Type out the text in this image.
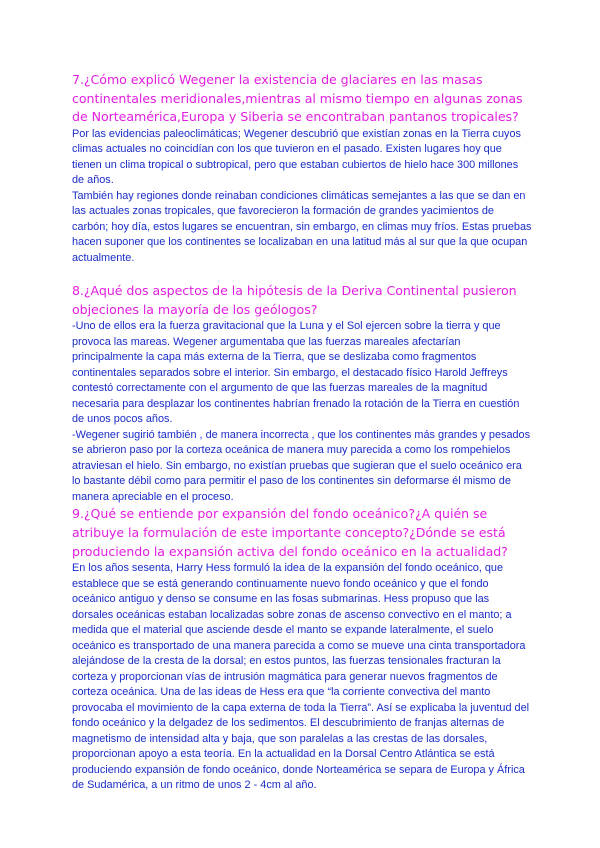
7.¿Cómo explicó Wegener la existencia de glaciares en las masas continentales meridionales,mientras al mismo tiempo en algunas zonas de Norteamérica,Europa y Siberia se encontraban pantanos tropicales?

Por las evidencias paleoclimáticas; Wegener descubrió que existían zonas en la Tierra cuyos climas actuales no coincidían con los que tuvieron en el pasado. Existen lugares hoy que tienen un clima tropical o subtropical, pero que estaban cubiertos de hielo hace 300 millones de años.

También hay regiones donde reinaban condiciones climáticas semejantes a las que se dan en las actuales zonas tropicales, que favorecieron la formación de grandes yacimientos de carbón; hoy día, estos lugares se encuentran, sin embargo, en climas muy fríos. Estas pruebas hacen suponer que los continentes se localizaban en una latitud más al sur que la que ocupan actualmente.

8.¿Aqué dos aspectos de la hipótesis de la Deriva Continental pusieron objeciones la mayoría de los geólogos?

-Uno de ellos era la fuerza gravitacional que la Luna y el Sol ejercen sobre la tierra y que provoca las mareas. Wegener argumentaba que las fuerzas mareales afectarían principalmente la capa más externa de la Tierra, que se deslizaba como fragmentos continentales separados sobre el interior. Sin embargo, el destacado físico Harold Jeffreys contestó correctamente con el argumento de que las fuerzas mareales de la magnitud necesaria para desplazar los continentes habrían frenado la rotación de la Tierra en cuestión de unos pocos años.

-Wegener sugirió también , de manera incorrecta , que los continentes más grandes y pesados se abrieron paso por la corteza oceánica de manera muy parecida a como los rompehielos atraviesan el hielo. Sin embargo, no existían pruebas que sugieran que el suelo oceánico era lo bastante débil como para permitir el paso de los continentes sin deformarse él mismo de manera apreciable en el proceso.

9.¿Qué se entiende por expansión del fondo oceánico?¿A quién se atribuye la formulación de este importante concepto?¿Dónde se está produciendo la expansión activa del fondo oceánico en la actualidad?

En los años sesenta, Harry Hess formuló la idea de la expansión del fondo oceánico, que establece que se está generando continuamente nuevo fondo oceánico y que el fondo oceánico antiguo y denso se consume en las fosas submarinas. Hess propuso que las dorsales oceánicas estaban localizadas sobre zonas de ascenso convectivo en el manto; a medida que el material que asciende desde el manto se expande lateralmente, el suelo oceánico es transportado de una manera parecida a como se mueve una cinta transportadora alejándose de la cresta de la dorsal; en estos puntos, las fuerzas tensionales fracturan la corteza y proporcionan vías de intrusión magmática para generar nuevos fragmentos de corteza oceánica. Una de las ideas de Hess era que “la corriente convectiva del manto provocaba el movimiento de la capa externa de toda la Tierra”. Así se explicaba la juventud del fondo oceánico y la delgadez de los sedimentos. El descubrimiento de franjas alternas de magnetismo de intensidad alta y baja, que son paralelas a las crestas de las dorsales, proporcionan apoyo a esta teoría. En la actualidad en la Dorsal Centro Atlántica se está produciendo expansión de fondo oceánico, donde Norteamérica se separa de Europa y África de Sudamérica, a un ritmo de unos 2 - 4cm al año.
